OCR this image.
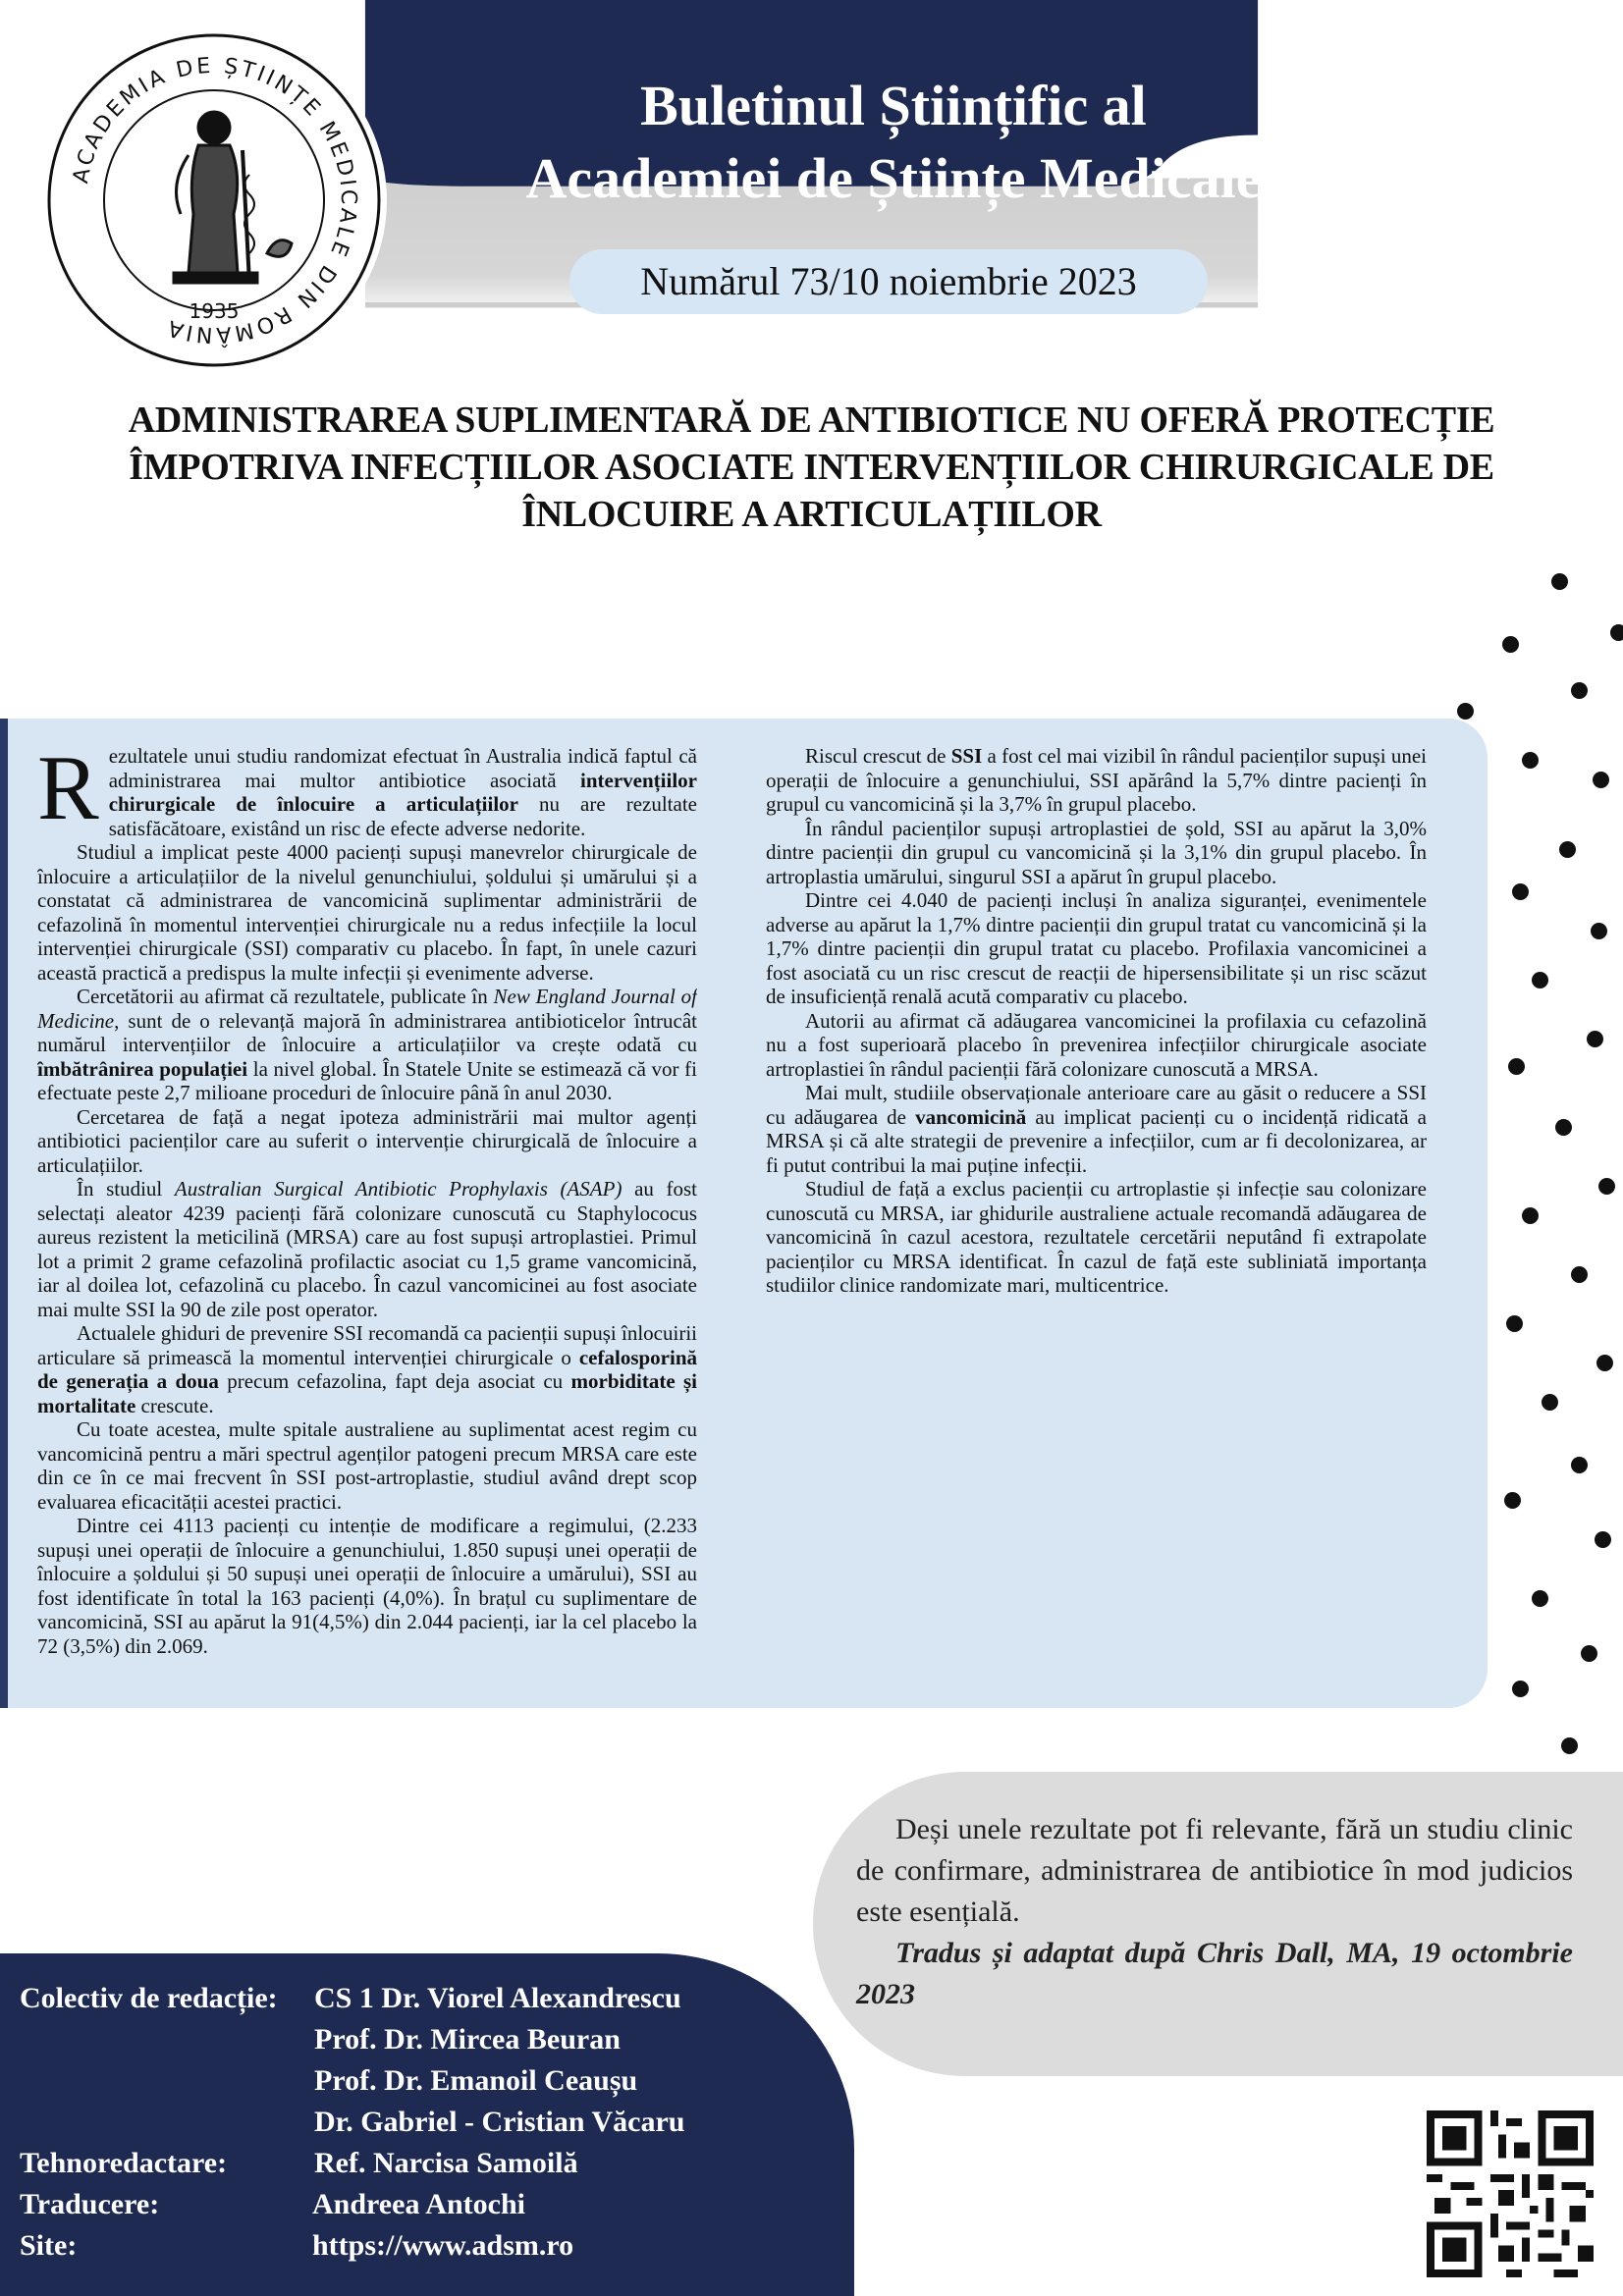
ACADEMIA DE ȘTIINȚE MEDICALE DIN ROMÂNIA
1935
Buletinul Științific al
Academiei de Științe Medicale
Numărul 73/10 noiembrie 2023
ADMINISTRAREA SUPLIMENTARĂ DE ANTIBIOTICE NU OFERĂ PROTECȚIE
ÎMPOTRIVA INFECȚIILOR ASOCIATE INTERVENȚIILOR CHIRURGICALE DE
ÎNLOCUIRE A ARTICULAȚIILOR

Rezultatele unui studiu randomizat efectuat în Australia indică faptul că administrarea mai multor antibiotice asociată intervențiilor chirurgicale de înlocuire a articulațiilor nu are rezultate satisfăcătoare, existând un risc de efecte adverse nedorite.

Studiul a implicat peste 4000 pacienți supuși manevrelor chirurgicale de înlocuire a articulațiilor de la nivelul genunchiului, șoldului și umărului și a constatat că administrarea de vancomicină suplimentar administrării de cefazolină în momentul intervenției chirurgicale nu a redus infecțiile la locul intervenției chirurgicale (SSI) comparativ cu placebo. În fapt, în unele cazuri această practică a predispus la multe infecții și evenimente adverse.

Cercetătorii au afirmat că rezultatele, publicate în New England Journal of Medicine, sunt de o relevanță majoră în administrarea antibioticelor întrucât numărul intervențiilor de înlocuire a articulațiilor va crește odată cu îmbătrânirea populației la nivel global. În Statele Unite se estimează că vor fi efectuate peste 2,7 milioane proceduri de înlocuire până în anul 2030.

Cercetarea de față a negat ipoteza administrării mai multor agenți antibiotici pacienților care au suferit o intervenție chirurgicală de înlocuire a articulațiilor.

În studiul Australian Surgical Antibiotic Prophylaxis (ASAP) au fost selectați aleator 4239 pacienți fără colonizare cunoscută cu Staphylococus aureus rezistent la meticilină (MRSA) care au fost supuși artroplastiei. Primul lot a primit 2 grame cefazolină profilactic asociat cu 1,5 grame vancomicină, iar al doilea lot, cefazolină cu placebo. În cazul vancomicinei au fost asociate mai multe SSI la 90 de zile post operator.

Actualele ghiduri de prevenire SSI recomandă ca pacienții supuși înlocuirii articulare să primească la momentul intervenției chirurgicale o cefalosporină de generația a doua precum cefazolina, fapt deja asociat cu morbiditate și mortalitate crescute.

Cu toate acestea, multe spitale australiene au suplimentat acest regim cu vancomicină pentru a mări spectrul agenților patogeni precum MRSA care este din ce în ce mai frecvent în SSI post-artroplastie, studiul având drept scop evaluarea eficacității acestei practici.

Dintre cei 4113 pacienți cu intenție de modificare a regimului, (2.233 supuși unei operații de înlocuire a genunchiului, 1.850 supuși unei operații de înlocuire a șoldului și 50 supuși unei operații de înlocuire a umărului), SSI au fost identificate în total la 163 pacienți (4,0%). În brațul cu suplimentare de vancomicină, SSI au apărut la 91(4,5%) din 2.044 pacienți, iar la cel placebo la 72 (3,5%) din 2.069.

Riscul crescut de SSI a fost cel mai vizibil în rândul pacienților supuși unei operații de înlocuire a genunchiului, SSI apărând la 5,7% dintre pacienți în grupul cu vancomicină și la 3,7% în grupul placebo.

În rândul pacienților supuși artroplastiei de șold, SSI au apărut la 3,0% dintre pacienții din grupul cu vancomicină și la 3,1% din grupul placebo. În artroplastia umărului, singurul SSI a apărut în grupul placebo.

Dintre cei 4.040 de pacienți incluși în analiza siguranței, evenimentele adverse au apărut la 1,7% dintre pacienții din grupul tratat cu vancomicină și la 1,7% dintre pacienții din grupul tratat cu placebo. Profilaxia vancomicinei a fost asociată cu un risc crescut de reacții de hipersensibilitate și un risc scăzut de insuficiență renală acută comparativ cu placebo.

Autorii au afirmat că adăugarea vancomicinei la profilaxia cu cefazolină nu a fost superioară placebo în prevenirea infecțiilor chirurgicale asociate artroplastiei în rândul pacienții fără colonizare cunoscută a MRSA.

Mai mult, studiile observaționale anterioare care au găsit o reducere a SSI cu adăugarea de vancomicină au implicat pacienți cu o incidență ridicată a MRSA și că alte strategii de prevenire a infecțiilor, cum ar fi decolonizarea, ar fi putut contribui la mai puține infecții.

Studiul de față a exclus pacienții cu artroplastie și infecție sau colonizare cunoscută cu MRSA, iar ghidurile australiene actuale recomandă adăugarea de vancomicină în cazul acestora, rezultatele cercetării neputând fi extrapolate pacienților cu MRSA identificat. În cazul de față este subliniată importanța studiilor clinice randomizate mari, multicentrice.

Deși unele rezultate pot fi relevante, fără un studiu clinic de confirmare, administrarea de antibiotice în mod judicios este esențială.

Tradus și adaptat după Chris Dall, MA, 19 octombrie 2023

Colectiv de redacție: CS 1 Dr. Viorel Alexandrescu
Prof. Dr. Mircea Beuran
Prof. Dr. Emanoil Ceaușu
Dr. Gabriel - Cristian Văcaru
Tehnoredactare:	Ref. Narcisa Samoilă
Traducere:	Andreea Antochi
Site:	https://www.adsm.ro
